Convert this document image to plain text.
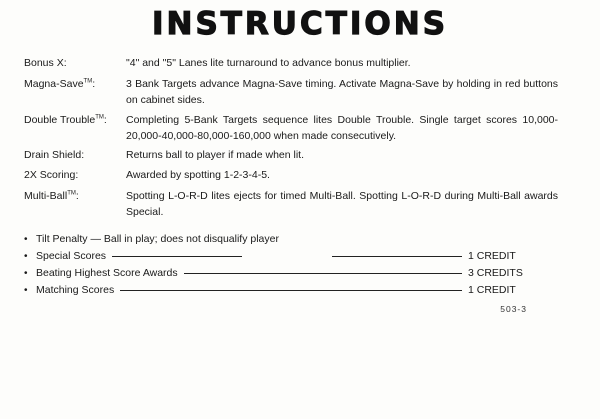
INSTRUCTIONS
Bonus X:	"4" and "5" Lanes lite turnaround to advance bonus multiplier.
Magna-Save™:	3 Bank Targets advance Magna-Save timing. Activate Magna-Save by holding in red buttons on cabinet sides.
Double Trouble™:	Completing 5-Bank Targets sequence lites Double Trouble. Single target scores 10,000-20,000-40,000-80,000-160,000 when made consecutively.
Drain Shield:	Returns ball to player if made when lit.
2X Scoring:	Awarded by spotting 1-2-3-4-5.
Multi-Ball™:	Spotting L-O-R-D lites ejects for timed Multi-Ball. Spotting L-O-R-D during Multi-Ball awards Special.
• Tilt Penalty — Ball in play; does not disqualify player
• Special Scores	1 CREDIT
• Beating Highest Score Awards	3 CREDITS
• Matching Scores	1 CREDIT
503-3
